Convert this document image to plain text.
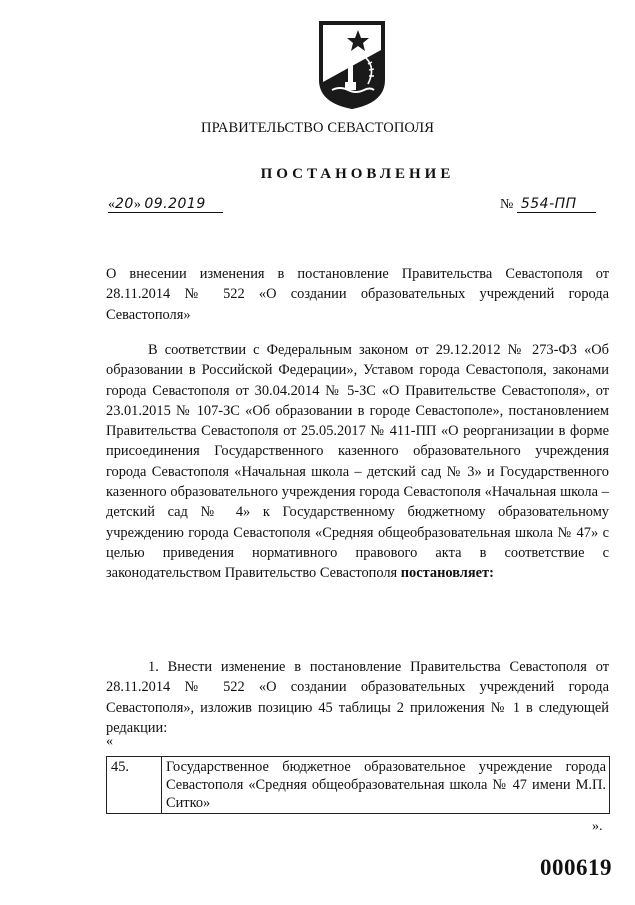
ПРАВИТЕЛЬСТВО СЕВАСТОПОЛЯ
ПОСТАНОВЛЕНИЕ
«20» 09.2019	№ 554-ПП
О внесении изменения в постановление Правительства Севастополя от 28.11.2014 № 522 «О создании образовательных учреждений города Севастополя»
В соответствии с Федеральным законом от 29.12.2012 № 273-ФЗ «Об образовании в Российской Федерации», Уставом города Севастополя, законами города Севастополя от 30.04.2014 № 5-ЗС «О Правительстве Севастополя», от 23.01.2015 № 107-ЗС «Об образовании в городе Севастополе», постановлением Правительства Севастополя от 25.05.2017 № 411-ПП «О реорганизации в форме присоединения Государственного казенного образовательного учреждения города Севастополя «Начальная школа – детский сад № 3» и Государственного казенного образовательного учреждения города Севастополя «Начальная школа – детский сад № 4» к Государственному бюджетному образовательному учреждению города Севастополя «Средняя общеобразовательная школа № 47» с целью приведения нормативного правового акта в соответствие с законодательством Правительство Севастополя постановляет:
1. Внести изменение в постановление Правительства Севастополя от 28.11.2014 № 522 «О создании образовательных учреждений города Севастополя», изложив позицию 45 таблицы 2 приложения № 1 в следующей редакции:
«
45.	Государственное бюджетное образовательное учреждение города Севастополя «Средняя общеобразовательная школа № 47 имени М.П. Ситко»
».
000619
